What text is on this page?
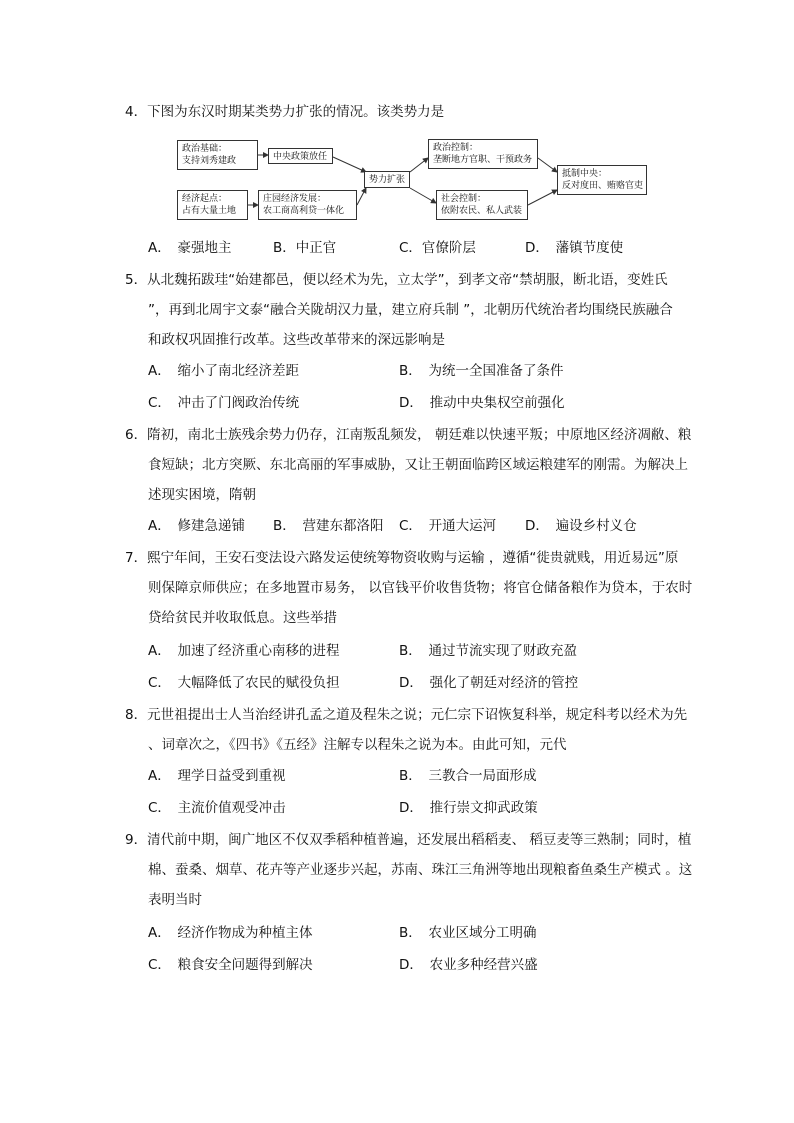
4．下图为东汉时期某类势力扩张的情况。该类势力是
政治基础：
支持刘秀建政	中央政策放任
经济起点：
占有大量土地
庄园经济发展：
农工商高利贷一体化
势力扩张
政治控制：
垄断地方官职、干预政务
社会控制：
依附农民、私人武装
抵制中央：
反对度田、贿赂官吏
A．　豪强地主	B．中正官	C．官僚阶层	D．　藩镇节度使
5．从北魏拓跋珪“始建都邑，便以经术为先，立太学”，到孝文帝“禁胡服，断北语，变姓氏
”，再到北周宇文泰“融合关陇胡汉力量，建立府兵制 ”，北朝历代统治者均围绕民族融合
和政权巩固推行改革。这些改革带来的深远影响是
A．　缩小了南北经济差距	B．　为统一全国准备了条件
C．　冲击了门阀政治传统	D．　推动中央集权空前强化
6．隋初，南北士族残余势力仍存，江南叛乱频发， 朝廷难以快速平叛；中原地区经济凋敝、粮
食短缺；北方突厥、东北高丽的军事威胁，又让王朝面临跨区域运粮建军的刚需。为解决上
述现实困境，隋朝
A．　修建急递铺 B．　营建东都洛阳 C．　开通大运河 D．　遍设乡村义仓
7．熙宁年间，王安石变法设六路发运使统筹物资收购与运输 ，遵循“徙贵就贱，用近易远”原
则保障京师供应；在多地置市易务， 以官钱平价收售货物；将官仓储备粮作为贷本，于农时
贷给贫民并收取低息。这些举措
A．　加速了经济重心南移的进程	B．　通过节流实现了财政充盈
C．　大幅降低了农民的赋役负担	D．　强化了朝廷对经济的管控
8．元世祖提出士人当治经讲孔孟之道及程朱之说；元仁宗下诏恢复科举，规定科考以经术为先
、词章次之，《四书》《五经》注解专以程朱之说为本。由此可知，元代
A．　理学日益受到重视	B．　三教合一局面形成
C．　主流价值观受冲击	D．　推行崇文抑武政策
9．清代前中期，闽广地区不仅双季稻种植普遍，还发展出稻稻麦、 稻豆麦等三熟制；同时，植
棉、蚕桑、烟草、花卉等产业逐步兴起，苏南、珠江三角洲等地出现粮畜鱼桑生产模式 。这
表明当时
A．　经济作物成为种植主体	B．　农业区域分工明确
C．　粮食安全问题得到解决	D．　农业多种经营兴盛
